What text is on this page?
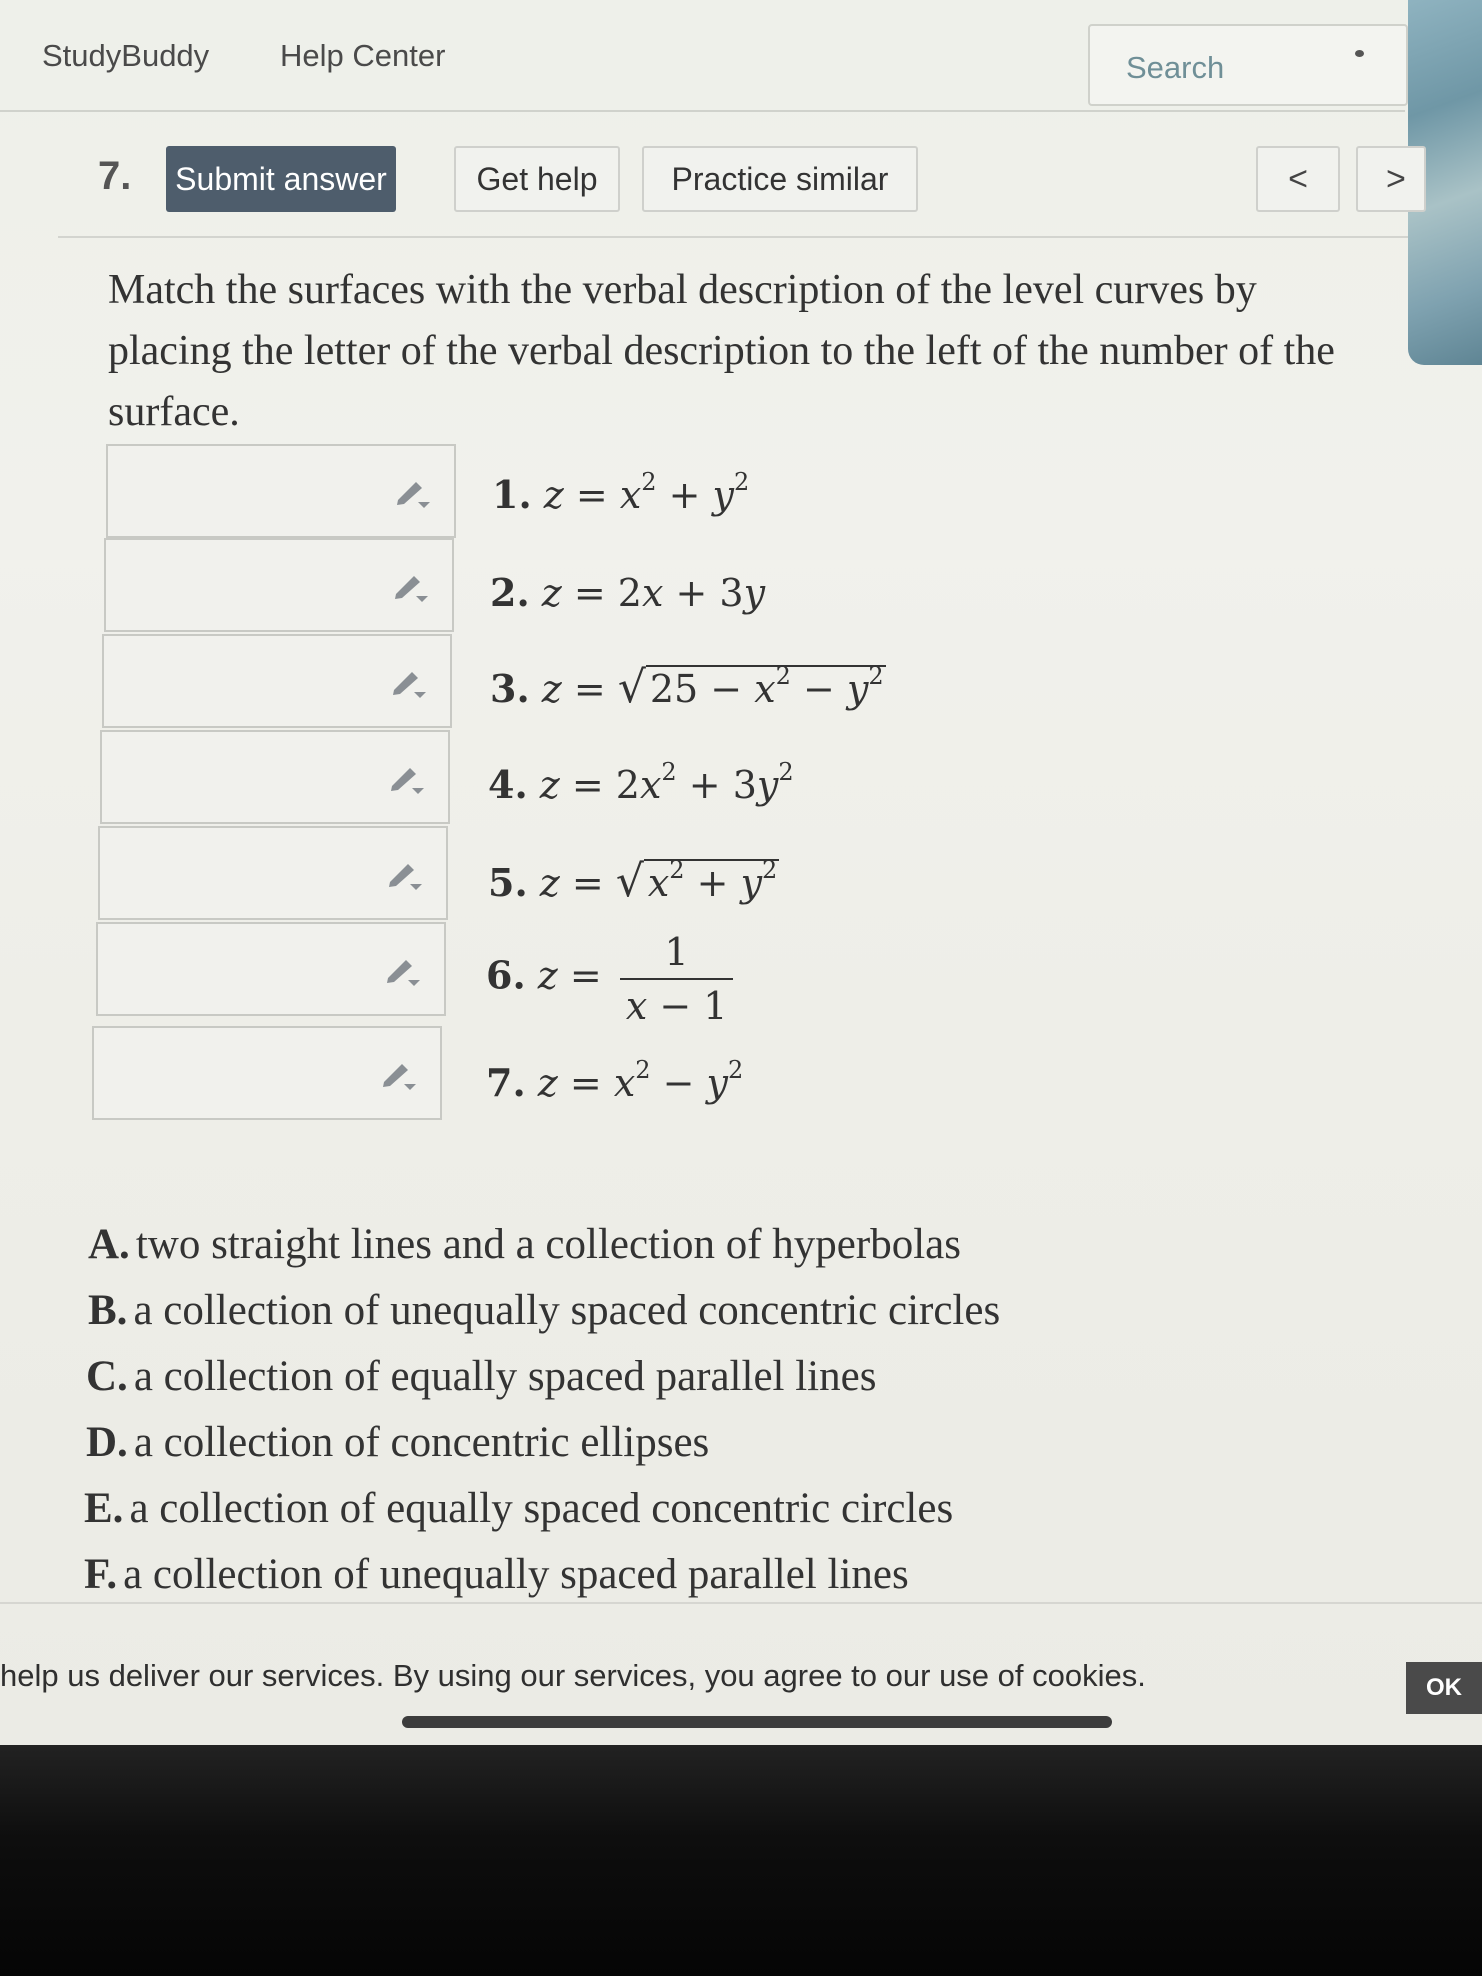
StudyBuddy Help Center	Search
7. Submit answer	Get help	Practice similar	<	>
Match the surfaces with the verbal description of the level curves by placing the letter of the verbal description to the left of the number of the surface.
1. $z = x^2 + y^2$
2. z = 2x + 3y
3. z = √ $25 - x^2 - y^2$
4. $z = 2x^2 + 3y^2$
5. z = √ $x^2 + y^2$
6. $z = \frac{1}{x - 1}$
7. $z = x^2 - y^2$
A. two straight lines and a collection of hyperbolas
B. a collection of unequally spaced concentric circles
C. a collection of equally spaced parallel lines
D. a collection of concentric ellipses
E. a collection of equally spaced concentric circles
F. a collection of unequally spaced parallel lines
help us deliver our services. By using our services, you agree to our use of cookies.	OK
